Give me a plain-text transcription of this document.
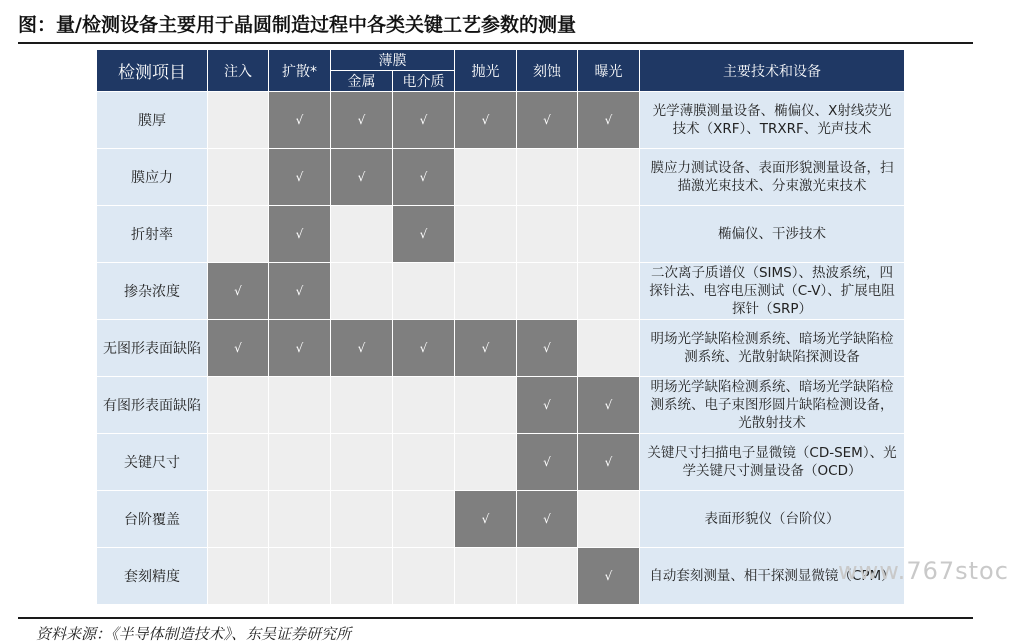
图：量/检测设备主要用于晶圆制造过程中各类关键工艺参数的测量
检测项目	注入	扩散*	薄膜		抛光	刻蚀	曝光	主要技术和设备
			金属	电介质				
膜厚		√	√	√	√	√	√	光学薄膜测量设备、椭偏仪、X射线荧光技术（XRF）、TRXRF、光声技术
膜应力		√	√	√				膜应力测试设备、表面形貌测量设备，扫描激光束技术、分束激光束技术
折射率		√		√				椭偏仪、干涉技术
掺杂浓度	√	√						二次离子质谱仪（SIMS）、热波系统，四探针法、电容电压测试（C-V）、扩展电阻探针（SRP）
无图形表面缺陷	√	√	√	√	√	√		明场光学缺陷检测系统、暗场光学缺陷检测系统、光散射缺陷探测设备
有图形表面缺陷						√	√	明场光学缺陷检测系统、暗场光学缺陷检测系统、电子束图形圆片缺陷检测设备，光散射技术
关键尺寸						√	√	关键尺寸扫描电子显微镜（CD-SEM）、光学关键尺寸测量设备（OCD）
台阶覆盖					√	√		表面形貌仪（台阶仪）
套刻精度							√	自动套刻测量、相干探测显微镜（CPM）
资料来源：《半导体制造技术》、东吴证券研究所
www.767stoc
